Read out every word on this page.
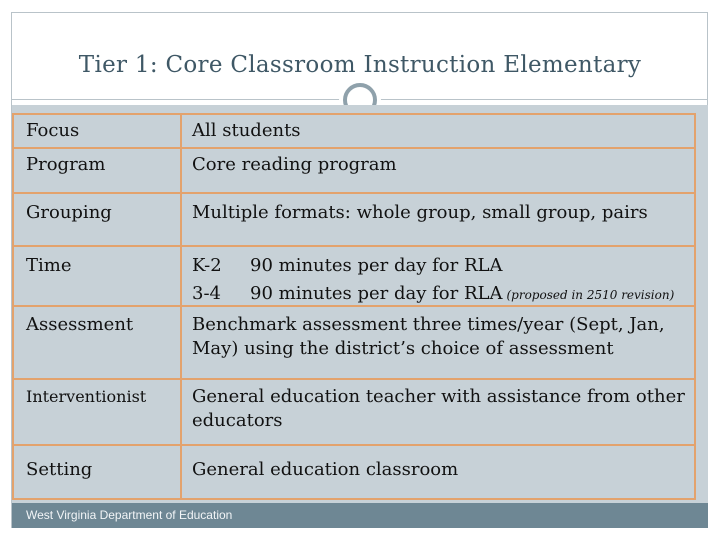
Tier 1: Core Classroom Instruction Elementary
Focus	All students
Program	Core reading program
Grouping	Multiple formats: whole group, small group, pairs
Time	K-2	90 minutes per day for RLA
3-4	90 minutes per day for RLA (proposed in 2510 revision)
Assessment	Benchmark assessment three times/year (Sept, Jan,
May) using the district’s choice of assessment
Interventionist	General education teacher with assistance from other
educators
Setting	General education classroom
West Virginia Department of Education
